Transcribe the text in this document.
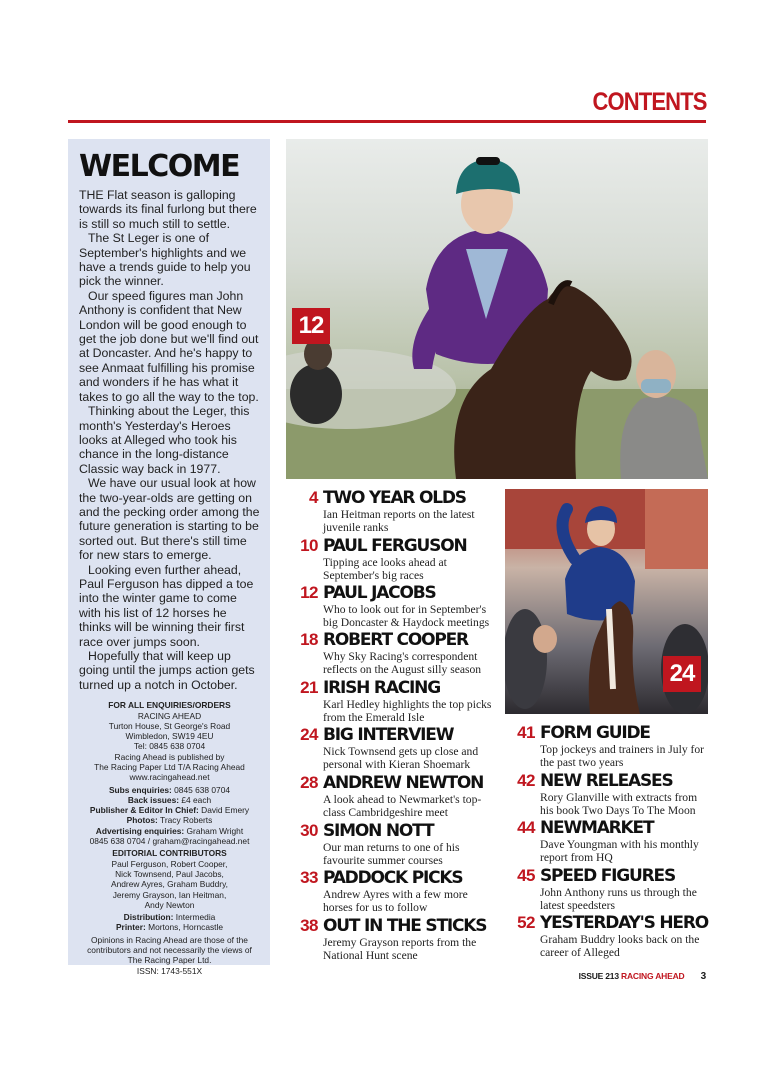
CONTENTS
WELCOME

THE Flat season is galloping towards its final furlong but there is still so much still to settle.

The St Leger is one of September's highlights and we have a trends guide to help you pick the winner.

Our speed figures man John Anthony is confident that New London will be good enough to get the job done but we'll find out at Doncaster. And he's happy to see Anmaat fulfilling his promise and wonders if he has what it takes to go all the way to the top.

Thinking about the Leger, this month's Yesterday's Heroes looks at Alleged who took his chance in the long-distance Classic way back in 1977.

We have our usual look at how the two-year-olds are getting on and the pecking order among the future generation is starting to be sorted out. But there's still time for new stars to emerge.

Looking even further ahead, Paul Ferguson has dipped a toe into the winter game to come with his list of 12 horses he thinks will be winning their first race over jumps soon.

Hopefully that will keep up going until the jumps action gets turned up a notch in October.

FOR ALL ENQUIRIES/ORDERS
RACING AHEAD
Turton House, St George's Road
Wimbledon, SW19 4EU
Tel: 0845 638 0704
Racing Ahead is published by
The Racing Paper Ltd T/A Racing Ahead
www.racingahead.net
Subs enquiries: 0845 638 0704
Back issues: £4 each
Publisher & Editor In Chief: David Emery
Photos: Tracy Roberts
Advertising enquiries: Graham Wright
0845 638 0704 / graham@racingahead.net
EDITORIAL CONTRIBUTORS
Paul Ferguson, Robert Cooper,
Nick Townsend, Paul Jacobs,
Andrew Ayres, Graham Buddry,
Jeremy Grayson, Ian Heitman,
Andy Newton
Distribution: Intermedia
Printer: Mortons, Horncastle
Opinions in Racing Ahead are those of the
contributors and not necessarily the views of
The Racing Paper Ltd.
ISSN: 1743-551X
12
24
4 TWO YEAR OLDS
Ian Heitman reports on the latest juvenile ranks
10 PAUL FERGUSON
Tipping ace looks ahead at September's big races
12 PAUL JACOBS
Who to look out for in September's big Doncaster & Haydock meetings
18 ROBERT COOPER
Why Sky Racing's correspondent reflects on the August silly season
21 IRISH RACING
Karl Hedley highlights the top picks from the Emerald Isle
24 BIG INTERVIEW
Nick Townsend gets up close and personal with Kieran Shoemark
28 ANDREW NEWTON
A look ahead to Newmarket's top-class Cambridgeshire meet
30 SIMON NOTT
Our man returns to one of his favourite summer courses
33 PADDOCK PICKS
Andrew Ayres with a few more horses for us to follow
38 OUT IN THE STICKS
Jeremy Grayson reports from the National Hunt scene
41 FORM GUIDE
Top jockeys and trainers in July for the past two years
42 NEW RELEASES
Rory Glanville with extracts from his book Two Days To The Moon
44 NEWMARKET
Dave Youngman with his monthly report from HQ
45 SPEED FIGURES
John Anthony runs us through the latest speedsters
52 YESTERDAY'S HERO
Graham Buddry looks back on the career of Alleged
ISSUE 213 RACING AHEAD 3
